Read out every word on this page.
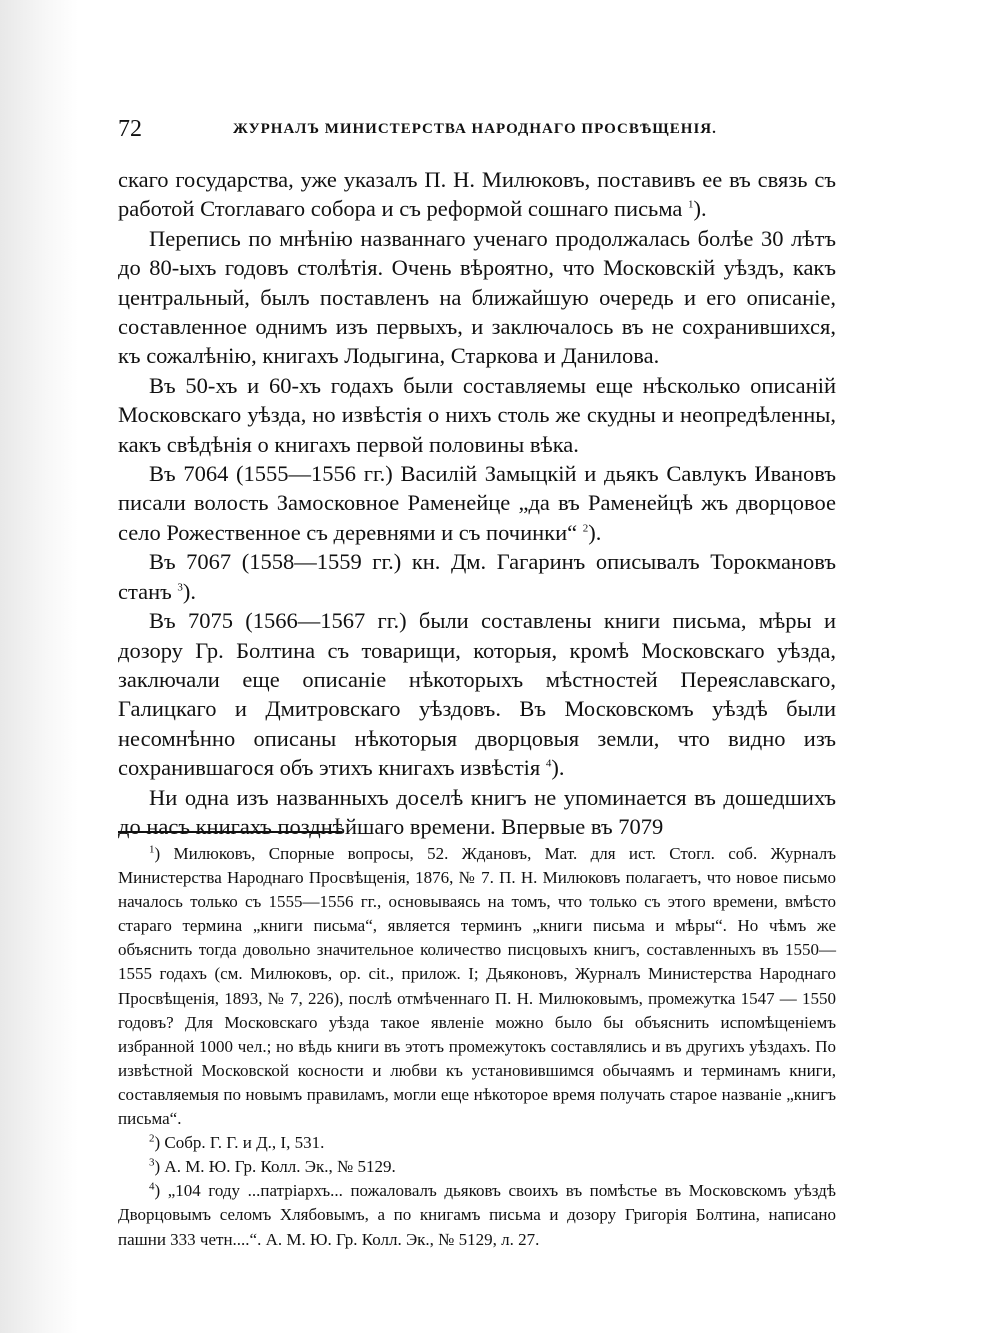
72	ЖУРНАЛЪ МИНИСТЕРСТВА НАРОДНАГО ПРОСВѢЩЕНІЯ.

скаго государства, уже указалъ П. Н. Милюковъ, поставивъ ее въ связь съ работой Стоглаваго собора и съ реформой сошнаго письма $^1$).

Перепись по мнѣнію названнаго ученаго продолжалась болѣе 30 лѣтъ до 80-ыхъ годовъ столѣтія. Очень вѣроятно, что Московскій уѣздъ, какъ центральный, былъ поставленъ на ближайшую очередь и его описаніе, составленное однимъ изъ первыхъ, и заключалось въ не сохранившихся, къ сожалѣнію, книгахъ Лодыгина, Старкова и Данилова.

Въ 50-хъ и 60-хъ годахъ были составляемы еще нѣсколько описаній Московскаго уѣзда, но извѣстія о нихъ столь же скудны и неопредѣленны, какъ свѣдѣнія о книгахъ первой половины вѣка.

Въ 7064 (1555—1556 гг.) Василій Замыцкій и дьякъ Савлукъ Ивановъ писали волость Замосковное Раменейце „да въ Раменейцѣ жъ дворцовое село Рожественное съ деревнями и съ починки“ $^2$).

Въ 7067 (1558—1559 гг.) кн. Дм. Гагаринъ описывалъ Торокмановъ станъ $^3$).

Въ 7075 (1566—1567 гг.) были составлены книги письма, мѣры и дозору Гр. Болтина съ товарищи, которыя, кромѣ Московскаго уѣзда, заключали еще описаніе нѣкоторыхъ мѣстностей Переяславскаго, Галицкаго и Дмитровскаго уѣздовъ. Въ Московскомъ уѣздѣ были несомнѣнно описаны нѣкоторыя дворцовыя земли, что видно изъ сохранившагося объ этихъ книгахъ извѣстія $^4$).

Ни одна изъ названныхъ доселѣ книгъ не упоминается въ дошедшихъ до насъ книгахъ позднѣйшаго времени. Впервые въ 7079

$^1$) Милюковъ, Спорные вопросы, 52. Ждановъ, Мат. для ист. Стогл. соб. Журналъ Министерства Народнаго Просвѣщенія, 1876, № 7. П. Н. Милюковъ полагаетъ, что новое письмо началось только съ 1555—1556 гг., основываясь на томъ, что только съ этого времени, вмѣсто стараго термина „книги письма“, является терминъ „книги письма и мѣры“. Но чѣмъ же объяснить тогда довольно значительное количество писцовыхъ книгъ, составленныхъ въ 1550—1555 годахъ (см. Милюковъ, op. cit., прилож. I; Дьяконовъ, Журналъ Министерства Народнаго Просвѣщенія, 1893, № 7, 226), послѣ отмѣченнаго П. Н. Милюковымъ, промежутка 1547 — 1550 годовъ? Для Московскаго уѣзда такое явленіе можно было бы объяснить испомѣщеніемъ избранной 1000 чел.; но вѣдь книги въ этотъ промежутокъ составлялись и въ другихъ уѣздахъ. По извѣстной Московской косности и любви къ установившимся обычаямъ и терминамъ книги, составляемыя по новымъ правиламъ, могли еще нѣкоторое время получать старое названіе „книгъ письма“.

$^2$) Собр. Г. Г. и Д., I, 531.

$^3$) А. М. Ю. Гр. Колл. Эк., № 5129.

$^4$) „104 году ...патріархъ... пожаловалъ дьяковъ своихъ въ помѣстье въ Московскомъ уѣздѣ Дворцовымъ селомъ Хлябовымъ, а по книгамъ письма и дозору Григорія Болтина, написано пашни 333 четн....“. А. М. Ю. Гр. Колл. Эк., № 5129, л. 27.
